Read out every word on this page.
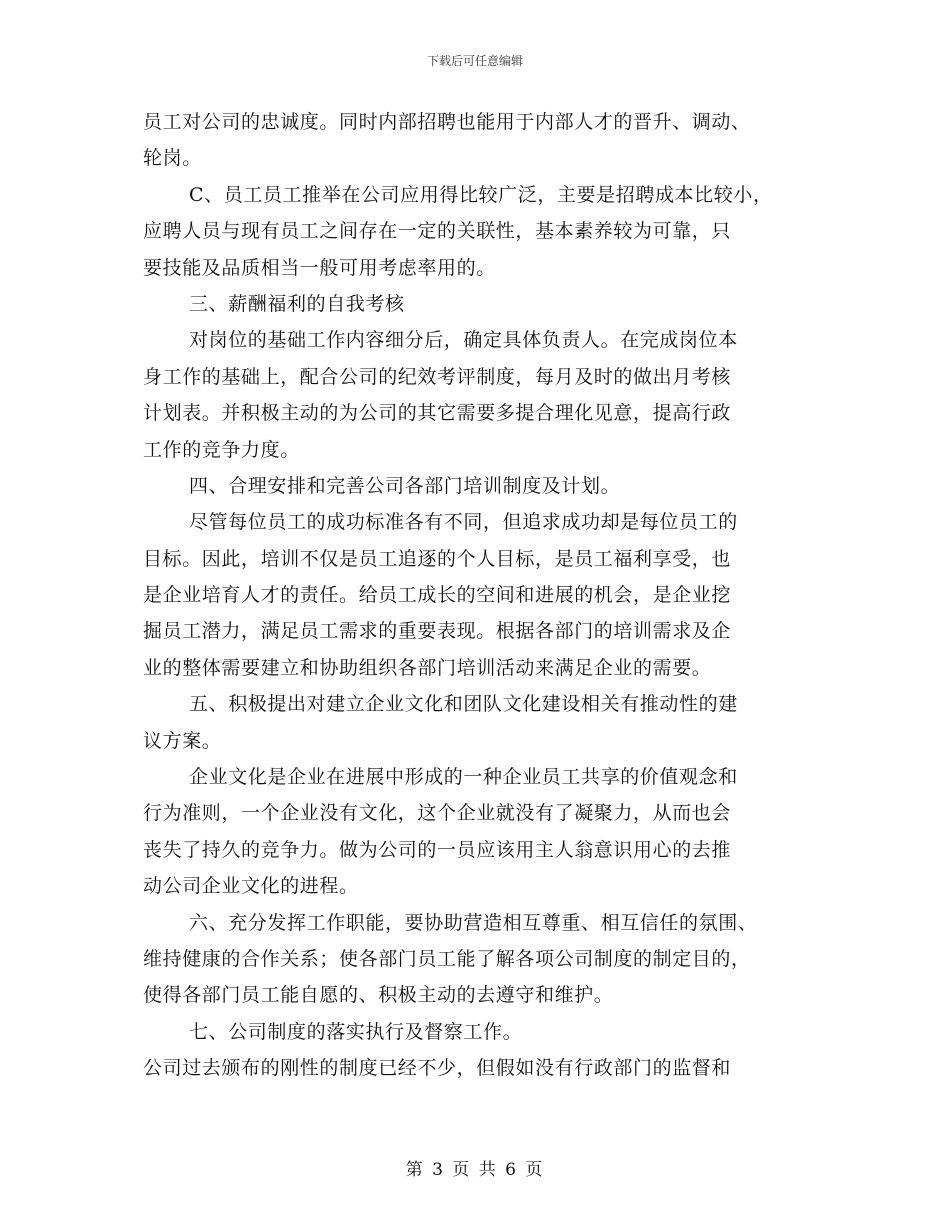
下载后可任意编辑
员工对公司的忠诚度。同时内部招聘也能用于内部人才的晋升、调动、
轮岗。
C、员工员工推举在公司应用得比较广泛，主要是招聘成本比较小，
应聘人员与现有员工之间存在一定的关联性，基本素养较为可靠，只
要技能及品质相当一般可用考虑率用的。
三、薪酬福利的自我考核
对岗位的基础工作内容细分后，确定具体负责人。在完成岗位本
身工作的基础上，配合公司的纪效考评制度，每月及时的做出月考核
计划表。并积极主动的为公司的其它需要多提合理化见意，提高行政
工作的竞争力度。
四、合理安排和完善公司各部门培训制度及计划。
尽管每位员工的成功标准各有不同，但追求成功却是每位员工的
目标。因此，培训不仅是员工追逐的个人目标，是员工福利享受，也
是企业培育人才的责任。给员工成长的空间和进展的机会，是企业挖
掘员工潜力，满足员工需求的重要表现。根据各部门的培训需求及企
业的整体需要建立和协助组织各部门培训活动来满足企业的需要。
五、积极提出对建立企业文化和团队文化建设相关有推动性的建
议方案。
企业文化是企业在进展中形成的一种企业员工共享的价值观念和
行为准则，一个企业没有文化，这个企业就没有了凝聚力，从而也会
丧失了持久的竞争力。做为公司的一员应该用主人翁意识用心的去推
动公司企业文化的进程。
六、充分发挥工作职能，要协助营造相互尊重、相互信任的氛围、
维持健康的合作关系；使各部门员工能了解各项公司制度的制定目的，
使得各部门员工能自愿的、积极主动的去遵守和维护。
七、公司制度的落实执行及督察工作。
公司过去颁布的刚性的制度已经不少，但假如没有行政部门的监督和
第 3 页 共 6 页
